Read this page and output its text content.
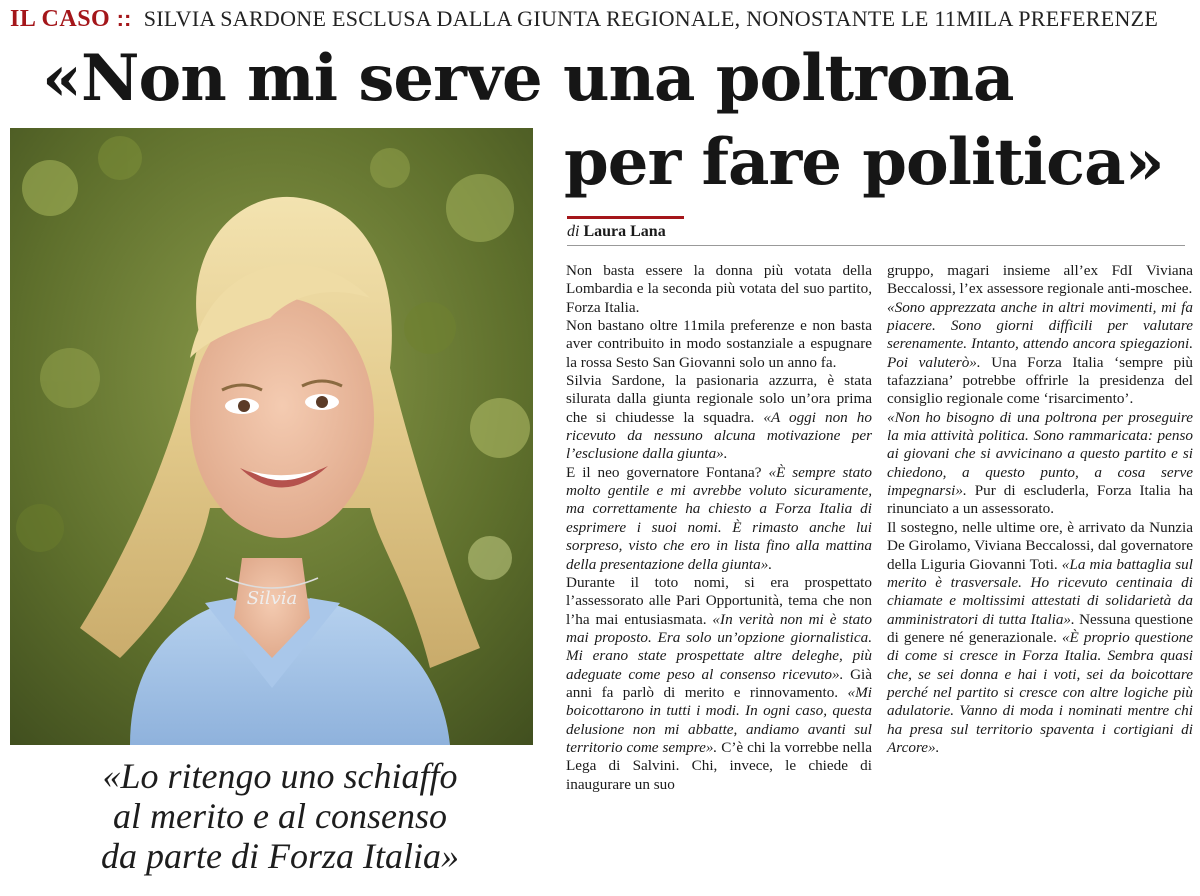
IL CASO :: SILVIA SARDONE ESCLUSA DALLA GIUNTA REGIONALE, NONOSTANTE LE 11MILA PREFERENZE
«Non mi serve una poltrona
per fare politica»
Silvia
«Lo ritengo uno schiaffo
al merito e al consenso
da parte di Forza Italia»
di Laura Lana

Non basta essere la donna più votata della Lombardia e la seconda più votata del suo partito, Forza Italia.

Non bastano oltre 11mila preferenze e non basta aver contribuito in modo sostanziale a espugnare la rossa Sesto San Giovanni solo un anno fa.

Silvia Sardone, la pasionaria azzurra, è stata silurata dalla giunta regionale solo un’ora prima che si chiudesse la squadra. «A oggi non ho ricevuto da nessuno alcuna motivazione per l’esclusione dalla giunta».

E il neo governatore Fontana? «È sempre stato molto gentile e mi avrebbe voluto sicuramente, ma correttamente ha chiesto a Forza Italia di esprimere i suoi nomi. È rimasto anche lui sorpreso, visto che ero in lista fino alla mattina della presentazione della giunta».

Durante il toto nomi, si era prospettato l’assessorato alle Pari Opportunità, tema che non l’ha mai entusiasmata. «In verità non mi è stato mai proposto. Era solo un’opzione giornalistica. Mi erano state prospettate altre deleghe, più adeguate come peso al consenso ricevuto». Già anni fa parlò di merito e rinnovamento. «Mi boicottarono in tutti i modi. In ogni caso, questa delusione non mi abbatte, andiamo avanti sul territorio come sempre». C’è chi la vorrebbe nella Lega di Salvini. Chi, invece, le chiede di inaugurare un suo

gruppo, magari insieme all’ex FdI Viviana Beccalossi, l’ex assessore regionale anti-moschee.

«Sono apprezzata anche in altri movimenti, mi fa piacere. Sono giorni difficili per valutare serenamente. Intanto, attendo ancora spiegazioni. Poi valuterò». Una Forza Italia ‘sempre più tafazziana’ potrebbe offrirle la presidenza del consiglio regionale come ‘risarcimento’.

«Non ho bisogno di una poltrona per proseguire la mia attività politica. Sono rammaricata: penso ai giovani che si avvicinano a questo partito e si chiedono, a questo punto, a cosa serve impegnarsi». Pur di escluderla, Forza Italia ha rinunciato a un assessorato.

Il sostegno, nelle ultime ore, è arrivato da Nunzia De Girolamo, Viviana Beccalossi, dal governatore della Liguria Giovanni Toti. «La mia battaglia sul merito è trasversale. Ho ricevuto centinaia di chiamate e moltissimi attestati di solidarietà da amministratori di tutta Italia». Nessuna questione di genere né generazionale. «È proprio questione di come si cresce in Forza Italia. Sembra quasi che, se sei donna e hai i voti, sei da boicottare perché nel partito si cresce con altre logiche più adulatorie. Vanno di moda i nominati mentre chi ha presa sul territorio spaventa i cortigiani di Arcore».
